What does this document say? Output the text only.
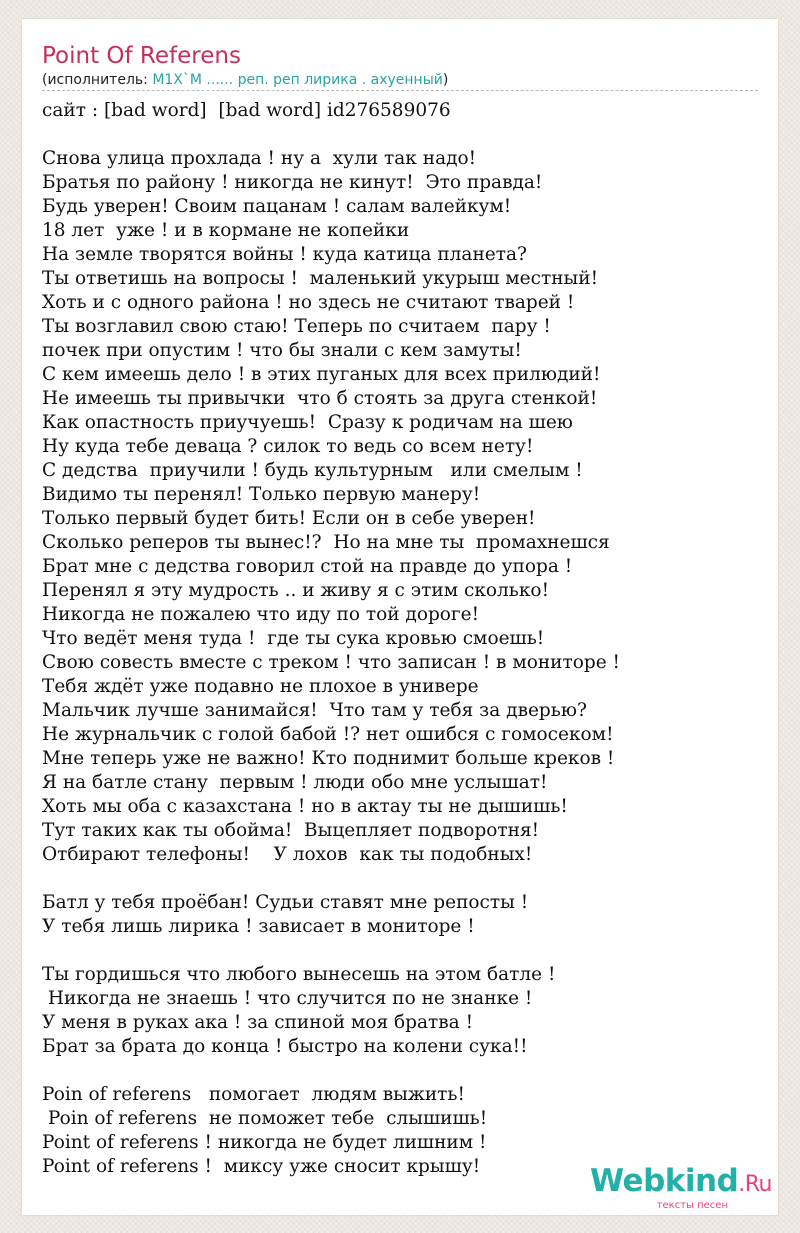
Point Of Referens
(исполнитель: M1X`M ...... реп. реп лирика . ахуенный)
сайт : [bad word]  [bad word] id276589076
Снова улица прохлада ! ну а  хули так надо!
Братья по району ! никогда не кинут!  Это правда!
Будь уверен! Своим пацанам ! салам валейкум!
18 лет  уже ! и в кормане не копейки
На земле творятся войны ! куда катица планета?
Ты ответишь на вопросы !  маленький укурыш местный!
Хоть и с одного района ! но здесь не считают тварей !
Ты возглавил свою стаю! Теперь по считаем  пару !
почек при опустим ! что бы знали с кем замуты!
С кем имеешь дело ! в этих пуганых для всех прилюдий!
Не имеешь ты привычки  что б стоять за друга стенкой!
Как опастность приучуешь!  Сразу к родичам на шею
Ну куда тебе деваца ? силок то ведь со всем нету!
С дедства  приучили ! будь культурным   или смелым !
Видимо ты перенял! Только первую манеру!
Только первый будет бить! Если он в себе уверен!
Сколько реперов ты вынес!?  Но на мне ты  промахнешся
Брат мне с дедства говорил стой на правде до упора !
Перенял я эту мудрость .. и живу я с этим сколько!
Никогда не пожалею что иду по той дороге!
Что ведёт меня туда !  где ты сука кровью смоешь!
Свою совесть вместе с треком ! что записан ! в мониторе !
Тебя ждёт уже подавно не плохое в универе
Мальчик лучше занимайся!  Что там у тебя за дверью?
Не журнальчик с голой бабой !? нет ошибся с гомосеком!
Мне теперь уже не важно! Кто поднимит больше креков !
Я на батле стану  первым ! люди обо мне услышат!
Хоть мы оба с казахстана ! но в актау ты не дышишь!
Тут таких как ты обойма!  Выцепляет подворотня!
Отбирают телефоны!    У лохов  как ты подобных!
Батл у тебя проёбан! Судьи ставят мне репосты !
У тебя лишь лирика ! зависает в мониторе !
Ты гордишься что любого вынесешь на этом батле !
Никогда не знаешь ! что случится по не знанке !
У меня в руках ака ! за спиной моя братва !
Брат за брата до конца ! быстро на колени сука!!
Poin of referens   помогает  людям выжить!
Poin of referens  не поможет тебе  слышишь!
Point of referens ! никогда не будет лишним !
Point of referens !  миксу уже сносит крышу!	Webkind.Ru
тексты песен
